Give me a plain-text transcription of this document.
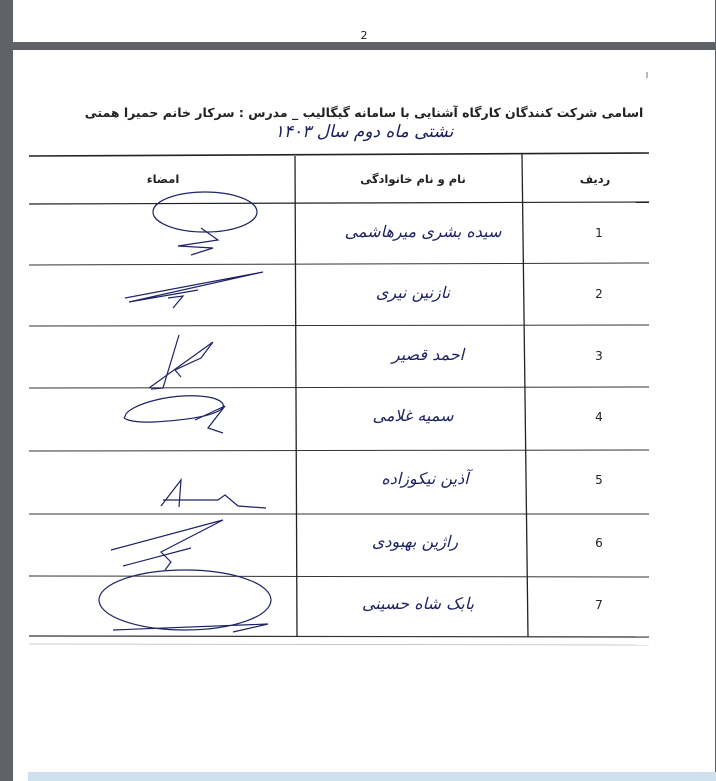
2
اسامی شرکت کنندگان کارگاه آشنایی با سامانه گیگالیب _ مدرس : سرکار خانم حمیرا همتی
نشتی ماه دوم سال ۱۴۰۳
ردیف
نام و نام خانوادگی
امضاء
1
سیده بشری میرهاشمی
2
نازنین نیری
3
احمد قصیر
4
سمیه غلامی
5
آذین نیکوزاده
6
راژین بهبودی
7
بابک شاه حسینی
